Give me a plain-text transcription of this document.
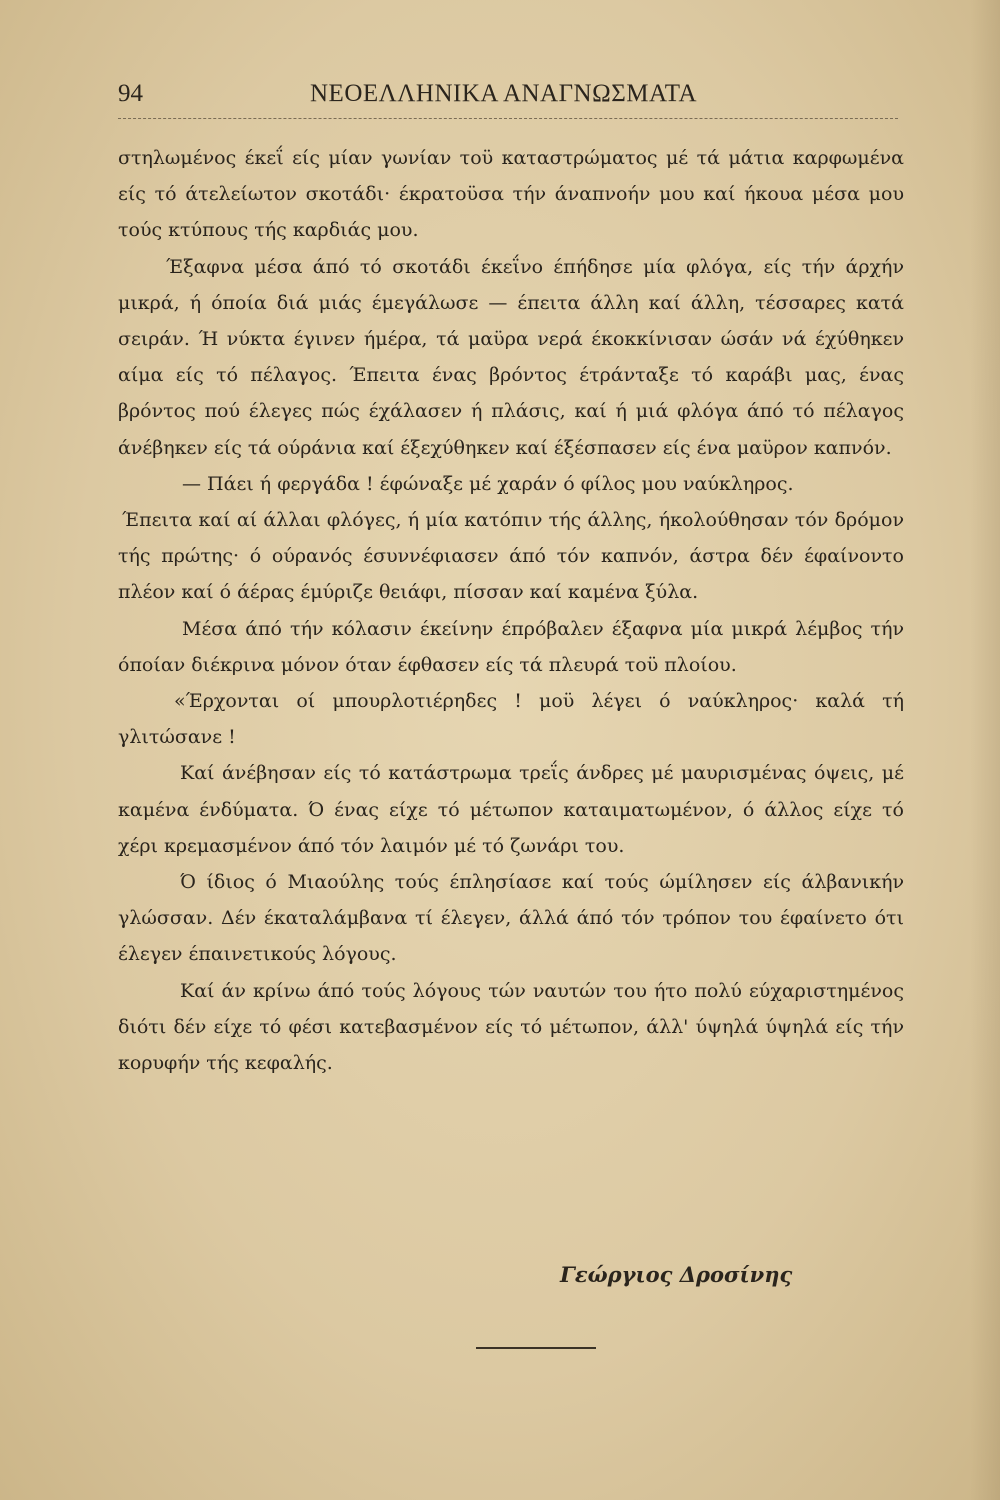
94	ΝΕΟΕΛΛΗΝΙΚΑ ΑΝΑΓΝΩΣΜΑΤΑ

στηλωμένος έκεΐ είς μίαν γωνίαν τοϋ καταστρώματος μέ τά μάτια καρφωμένα είς τό άτελείωτον σκοτάδι· έκρατοϋσα τήν άναπνοήν μου καί ήκουα μέσα μου τούς κτύπους τής καρδιάς μου.

Έξαφνα μέσα άπό τό σκοτάδι έκεΐνο έπήδησε μία φλόγα, είς τήν άρχήν μικρά, ή όποία διά μιάς έμεγάλωσε — έπειτα άλλη καί άλλη, τέσσαρες κατά σειράν. Ή νύκτα έγινεν ήμέρα, τά μαϋρα νερά έκοκκίνισαν ώσάν νά έχύθηκεν αίμα είς τό πέλαγος. Έπειτα ένας βρόντος έτράνταξε τό καράβι μας, ένας βρόντος πού έλεγες πώς έχάλασεν ή πλάσις, καί ή μιά φλόγα άπό τό πέλαγος άνέβηκεν είς τά ούράνια καί έξεχύθηκεν καί έξέσπασεν είς ένα μαϋρον καπνόν.

— Πάει ή φεργάδα ! έφώναξε μέ χαράν ό φίλος μου ναύκληρος.

Έπειτα καί αί άλλαι φλόγες, ή μία κατόπιν τής άλλης, ήκολούθησαν τόν δρόμον τής πρώτης· ό ούρανός έσυννέφιασεν άπό τόν καπνόν, άστρα δέν έφαίνοντο πλέον καί ό άέρας έμύριζε θειάφι, πίσσαν καί καμένα ξύλα.

Μέσα άπό τήν κόλασιν έκείνην έπρόβαλεν έξαφνα μία μικρά λέμβος τήν όποίαν διέκρινα μόνον όταν έφθασεν είς τά πλευρά τοϋ πλοίου.

«Έρχονται οί μπουρλοτιέρηδες ! μοϋ λέγει ό ναύκληρος· καλά τή γλιτώσανε !

Καί άνέβησαν είς τό κατάστρωμα τρεΐς άνδρες μέ μαυρισμένας όψεις, μέ καμένα ένδύματα. Ό ένας είχε τό μέτωπον καταιματωμένον, ό άλλος είχε τό χέρι κρεμασμένον άπό τόν λαιμόν μέ τό ζωνάρι του.

Ό ίδιος ό Μιαούλης τούς έπλησίασε καί τούς ώμίλησεν είς άλβανικήν γλώσσαν. Δέν έκαταλάμβανα τί έλεγεν, άλλά άπό τόν τρόπον του έφαίνετο ότι έλεγεν έπαινετικούς λόγους.

Καί άν κρίνω άπό τούς λόγους τών ναυτών του ήτο πολύ εύχαριστημένος διότι δέν είχε τό φέσι κατεβασμένον είς τό μέτωπον, άλλ' ύψηλά ύψηλά είς τήν κορυφήν τής κεφαλής.

Γεώργιος Δροσίνης
